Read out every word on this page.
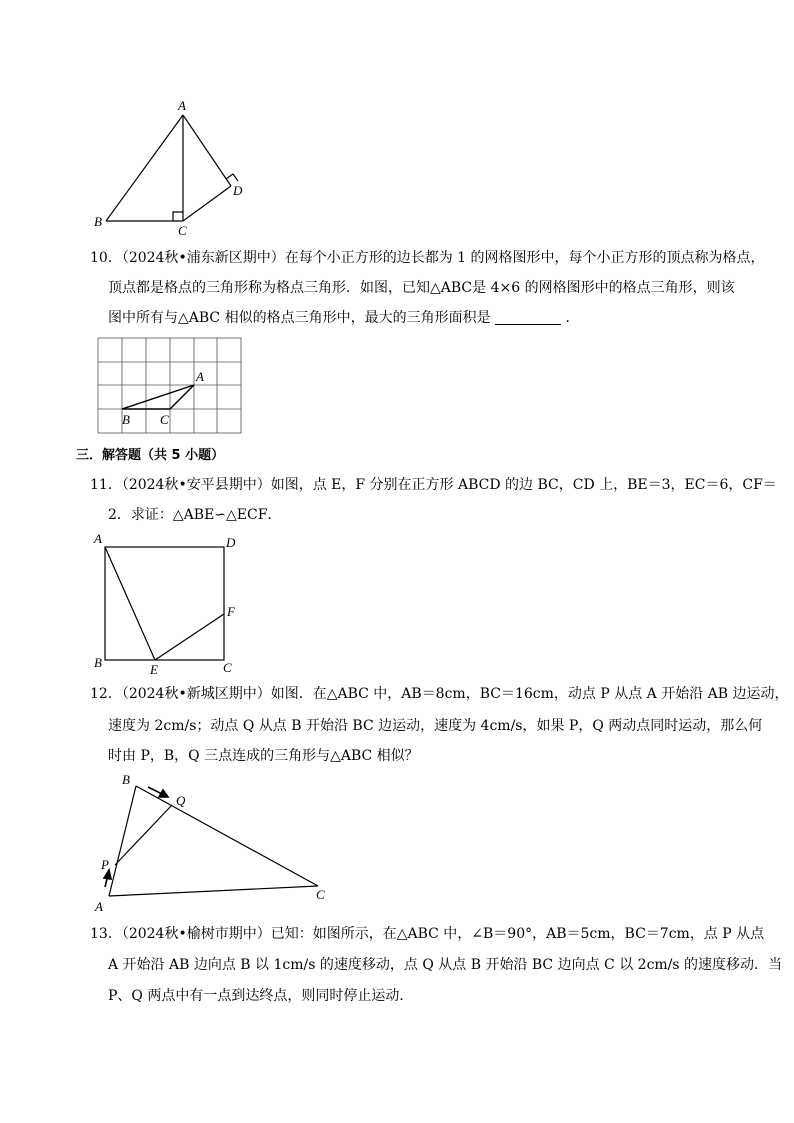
A
B
C
D
10．（2024秋•浦东新区期中）在每个小正方形的边长都为 1 的网格图形中，每个小正方形的顶点称为格点，
顶点都是格点的三角形称为格点三角形．如图，已知△ABC是 4×6 的网格图形中的格点三角形，则该
图中所有与△ABC 相似的格点三角形中，最大的三角形面积是	．
A
B C
三．解答题（共 5 小题）
11．（2024秋•安平县期中）如图，点 E，F 分别在正方形 ABCD 的边 BC，CD 上，BE＝3，EC＝6，CF＝
2．求证：△ABE∽△ECF．
A	D
B	E	C
F
12．（2024秋•新城区期中）如图．在△ABC 中，AB＝8cm，BC＝16cm，动点 P 从点 A 开始沿 AB 边运动，
速度为 2cm/s；动点 Q 从点 B 开始沿 BC 边运动，速度为 4cm/s，如果 P，Q 两动点同时运动，那么何
时由 P，B，Q 三点连成的三角形与△ABC 相似？
B
Q
P
A
C
13．（2024秋•榆树市期中）已知：如图所示，在△ABC 中，∠B＝90°，AB＝5cm，BC＝7cm，点 P 从点
A 开始沿 AB 边向点 B 以 1cm/s 的速度移动，点 Q 从点 B 开始沿 BC 边向点 C 以 2cm/s 的速度移动．当
P、Q 两点中有一点到达终点，则同时停止运动．
